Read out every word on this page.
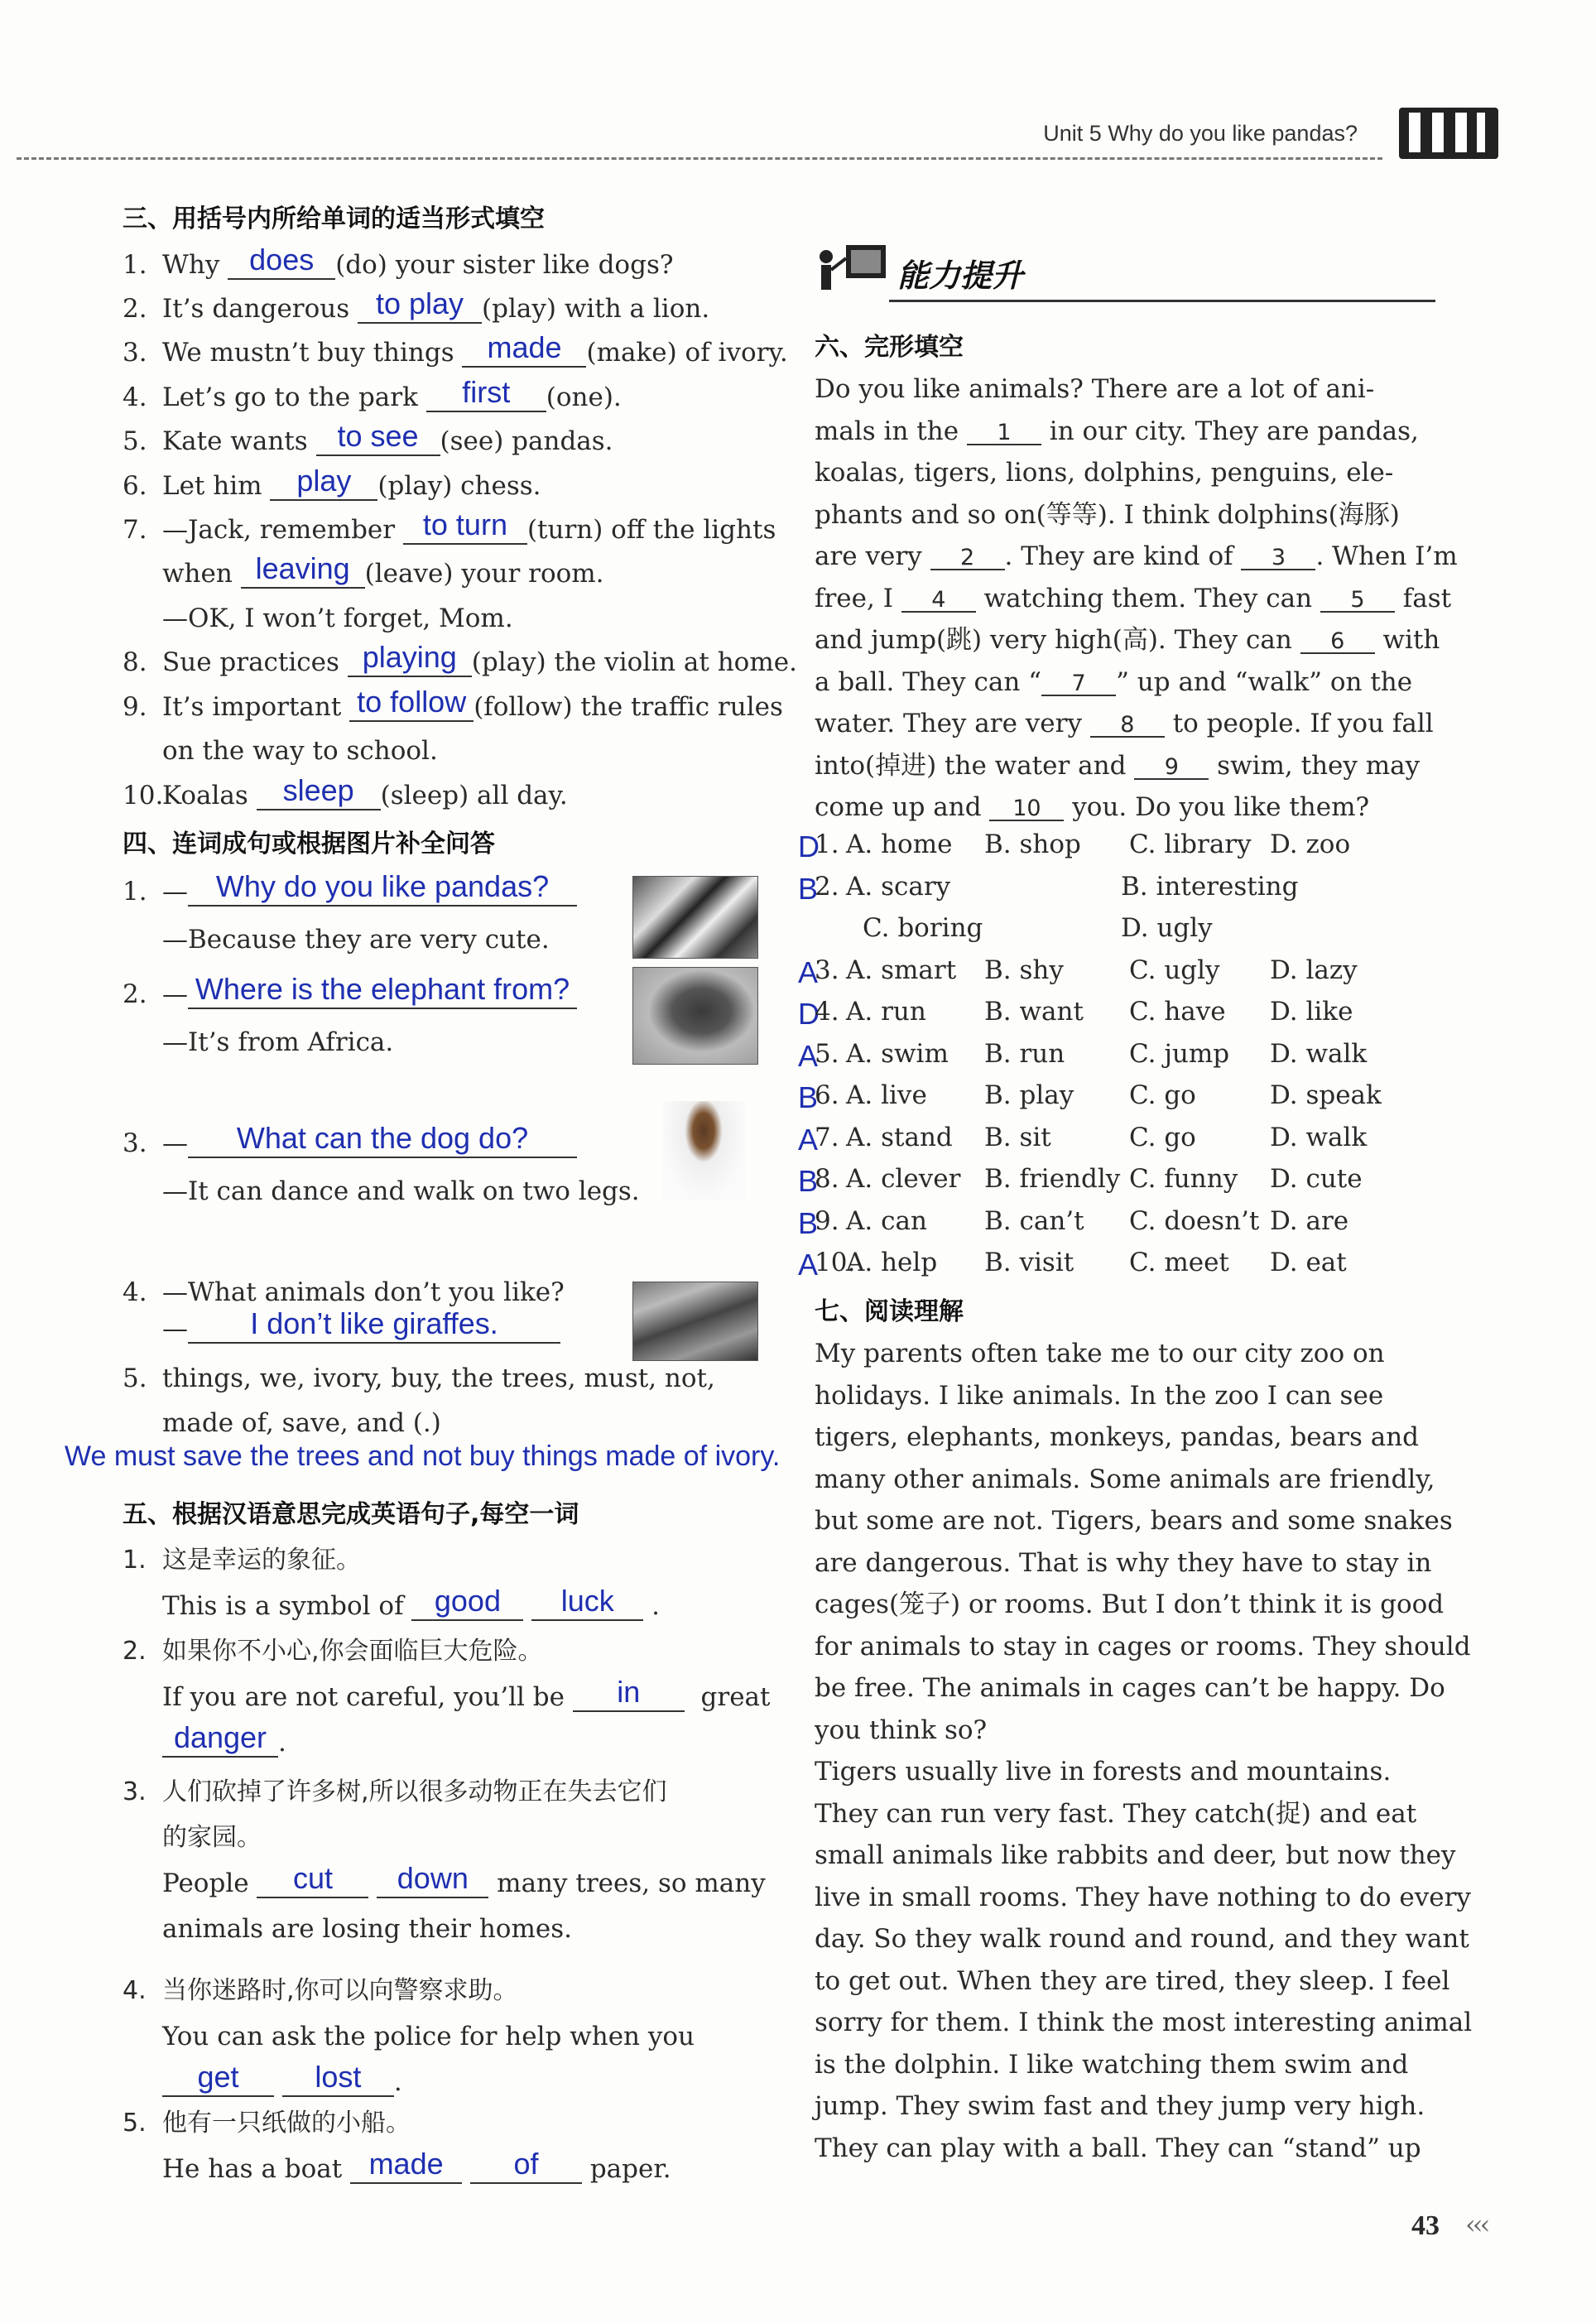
Unit 5 Why do you like pandas?
三、用括号内所给单词的适当形式填空
1. Why does (do) your sister like dogs?
2. It’s dangerous to play (play) with a lion.
3. We mustn’t buy things	made (make) of ivory.
4. Let’s go to the park	first	(one).
5. Kate wants to see (see) pandas.
6. Let him	play	(play) chess.
7. —Jack, remember to turn (turn) off the lights
when leaving (leave) your room.
—OK, I won’t forget, Mom.
8. Sue practices playing (play) the violin at home.
9. It’s important to follow (follow) the traffic rules
on the way to school.
10.Koalas	sleep	(sleep) all day.
四、连词成句或根据图片补全问答
1. — Why do you like pandas?
—Because they are very cute.
2. — Where is the elephant from?
—It’s from Africa.
3. —	What can the dog do?
—It can dance and walk on two legs.
4. —What animals don’t you like?
—	I don’t like giraffes.
5. things, we, ivory, buy, the trees, must, not,
made of, save, and (.)
We must save the trees and not buy things made of ivory.
五、根据汉语意思完成英语句子,每空一词
1. 这是幸运的象征。
This is a symbol of	good
	luck	.
2. 如果你不小心,你会面临巨大危险。
If you are not careful, you’ll be	in	great

danger .
3. 人们砍掉了许多树,所以很多动物正在失去它们
的家园。
People	cut
	down	many trees, so many
animals are losing their homes.
4. 当你迷路时,你可以向警察求助。
You can ask the police for help when you

get
	lost	.
5. 他有一只纸做的小船。
He has a boat made
	of	paper.
能力提升
六、完形填空
Do you like animals? There are a lot of ani-
mals in the 1 in our city. They are pandas,
koalas, tigers, lions, dolphins, penguins, ele-
phants and so on(等等). I think dolphins(海豚)
are very 2 . They are kind of 3 . When I’m
free, I 4 watching them. They can 5 fast
and jump(跳) very high(高). They can 6 with
a ball. They can “ 7 ” up and “walk” on the
water. They are very 8 to people. If you fall
into(掉进) the water and 9 swim, they may
come up and 10 you. Do you like them?
D
1. A. home B. shop C. library D. zoo
B
2. A. scary	B. interesting
C. boring	D. ugly
A
3. A. smart B. shy	C. ugly D. lazy
D
4. A. run B. want C. have D. like
A
5. A. swim B. run	C. jump D. walk
B
6. A. live B. play C. go	D. speak
A
7. A. stand B. sit	C. go	D. walk
B
8. A. clever B. friendly C. funny D. cute
B
9. A. can B. can’t C. doesn’t D. are
A
10.
A. help B. visit C. meet D. eat
七、阅读理解
My parents often take me to our city zoo on
holidays. I like animals. In the zoo I can see
tigers, elephants, monkeys, pandas, bears and
many other animals. Some animals are friendly,
but some are not. Tigers, bears and some snakes
are dangerous. That is why they have to stay in
cages(笼子) or rooms. But I don’t think it is good
for animals to stay in cages or rooms. They should
be free. The animals in cages can’t be happy. Do
you think so?
Tigers usually live in forests and mountains.
They can run very fast. They catch(捉) and eat
small animals like rabbits and deer, but now they
live in small rooms. They have nothing to do every
day. So they walk round and round, and they want
to get out. When they are tired, they sleep. I feel
sorry for them. I think the most interesting animal
is the dolphin. I like watching them swim and
jump. They swim fast and they jump very high.
They can play with a ball. They can “stand” up
43 ‹‹‹
